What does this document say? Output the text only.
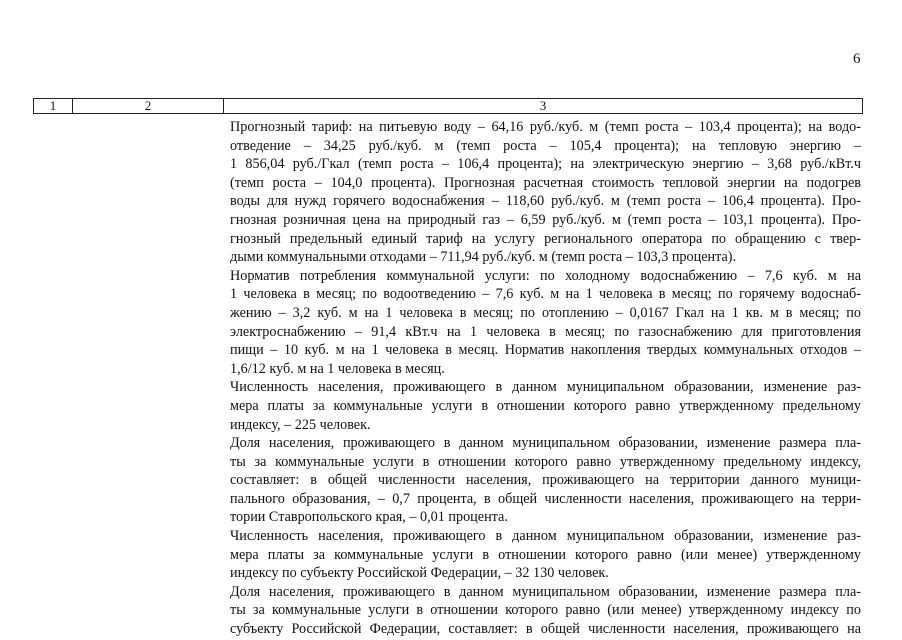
6
1	2	3
Прогнозный тариф: на питьевую воду – 64,16 руб./куб. м (темп роста – 103,4 процента); на водо-
отведение – 34,25 руб./куб. м (темп роста – 105,4 процента); на тепловую энергию –
1 856,04 руб./Гкал (темп роста – 106,4 процента); на электрическую энергию – 3,68 руб./кВт.ч
(темп роста – 104,0 процента). Прогнозная расчетная стоимость тепловой энергии на подогрев
воды для нужд горячего водоснабжения – 118,60 руб./куб. м (темп роста – 106,4 процента). Про-
гнозная розничная цена на природный газ – 6,59 руб./куб. м (темп роста – 103,1 процента). Про-
гнозный предельный единый тариф на услугу регионального оператора по обращению с твер-
дыми коммунальными отходами – 711,94 руб./куб. м (темп роста – 103,3 процента).
Норматив потребления коммунальной услуги: по холодному водоснабжению – 7,6 куб. м на
1 человека в месяц; по водоотведению – 7,6 куб. м на 1 человека в месяц; по горячему водоснаб-
жению – 3,2 куб. м на 1 человека в месяц; по отоплению – 0,0167 Гкал на 1 кв. м в месяц; по
электроснабжению – 91,4 кВт.ч на 1 человека в месяц; по газоснабжению для приготовления
пищи – 10 куб. м на 1 человека в месяц. Норматив накопления твердых коммунальных отходов –
1,6/12 куб. м на 1 человека в месяц.
Численность населения, проживающего в данном муниципальном образовании, изменение раз-
мера платы за коммунальные услуги в отношении которого равно утвержденному предельному
индексу, – 225 человек.
Доля населения, проживающего в данном муниципальном образовании, изменение размера пла-
ты за коммунальные услуги в отношении которого равно утвержденному предельному индексу,
составляет: в общей численности населения, проживающего на территории данного муници-
пального образования, – 0,7 процента, в общей численности населения, проживающего на терри-
тории Ставропольского края, – 0,01 процента.
Численность населения, проживающего в данном муниципальном образовании, изменение раз-
мера платы за коммунальные услуги в отношении которого равно (или менее) утвержденному
индексу по субъекту Российской Федерации, – 32 130 человек.
Доля населения, проживающего в данном муниципальном образовании, изменение размера пла-
ты за коммунальные услуги в отношении которого равно (или менее) утвержденному индексу по
субъекту Российской Федерации, составляет: в общей численности населения, проживающего на
